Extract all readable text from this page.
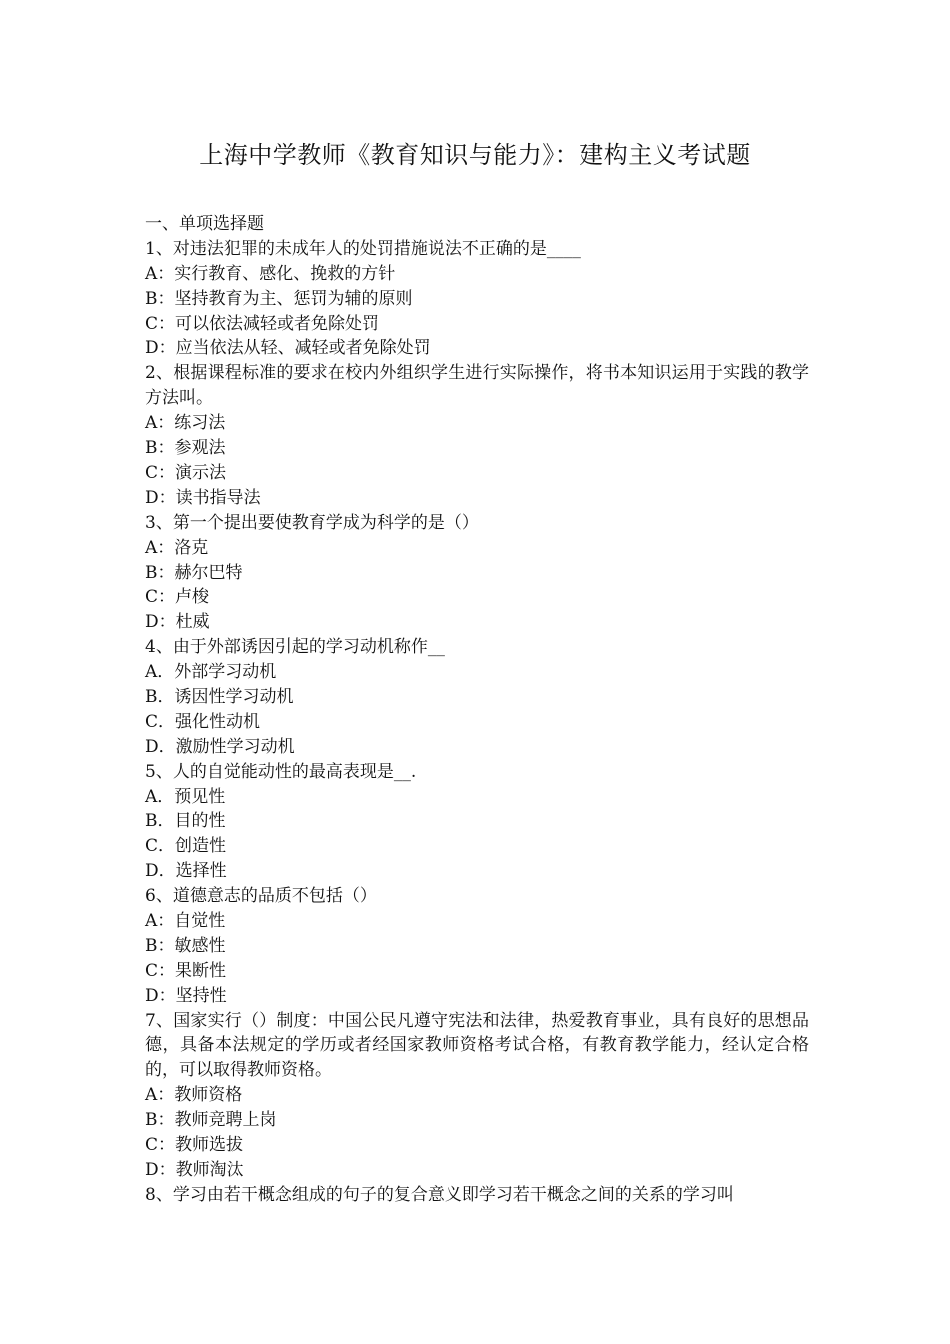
上海中学教师《教育知识与能力》：建构主义考试题
一、单项选择题
1、对违法犯罪的未成年人的处罚措施说法不正确的是____
A：实行教育、感化、挽救的方针
B：坚持教育为主、惩罚为辅的原则
C：可以依法减轻或者免除处罚
D：应当依法从轻、减轻或者免除处罚
2、根据课程标准的要求在校内外组织学生进行实际操作，将书本知识运用于实践的教学方法叫。
A：练习法
B：参观法
C：演示法
D：读书指导法
3、第一个提出要使教育学成为科学的是（）
A：洛克
B：赫尔巴特
C：卢梭
D：杜威
4、由于外部诱因引起的学习动机称作__
A．外部学习动机
B．诱因性学习动机
C．强化性动机
D．激励性学习动机
5、人的自觉能动性的最高表现是__.
A．预见性
B．目的性
C．创造性
D．选择性
6、道德意志的品质不包括（）
A：自觉性
B：敏感性
C：果断性
D：坚持性
7、国家实行（）制度：中国公民凡遵守宪法和法律，热爱教育事业，具有良好的思想品德，具备本法规定的学历或者经国家教师资格考试合格，有教育教学能力，经认定合格的，可以取得教师资格。
A：教师资格
B：教师竞聘上岗
C：教师选拔
D：教师淘汰
8、学习由若干概念组成的句子的复合意义即学习若干概念之间的关系的学习叫
